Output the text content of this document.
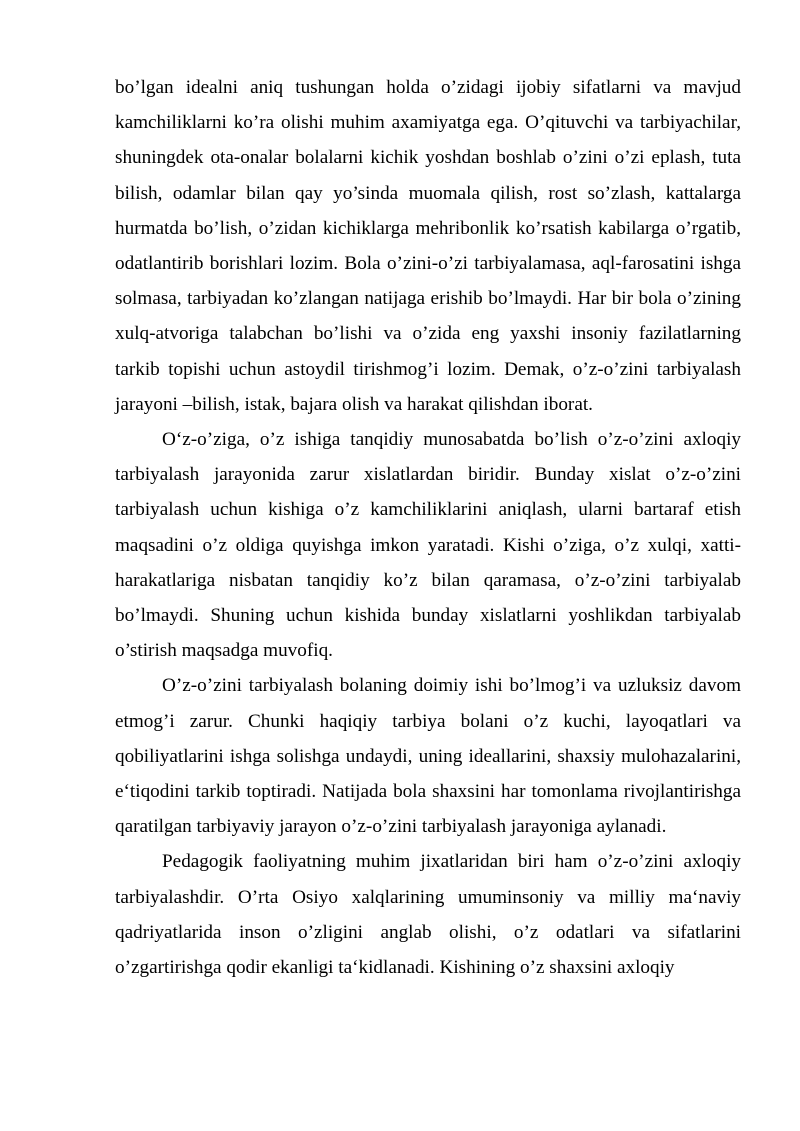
bo’lgan idealni aniq tushungan holda o’zidagi ijobiy sifatlarni va mavjud kamchiliklarni ko’ra olishi muhim axamiyatga ega. O’qituvchi va tarbiyachilar, shuningdek ota-onalar bolalarni kichik yoshdan boshlab o’zini o’zi eplash, tuta bilish, odamlar bilan qay yo’sinda muomala qilish, rost so’zlash, kattalarga hurmatda bo’lish, o’zidan kichiklarga mehribonlik ko’rsatish kabilarga o’rgatib, odatlantirib borishlari lozim. Bola o’zini-o’zi tarbiyalamasa, aql-farosatini ishga solmasa, tarbiyadan ko’zlangan natijaga erishib bo’lmaydi. Har bir bola o’zining xulq-atvoriga talabchan bo’lishi va o’zida eng yaxshi insoniy fazilatlarning tarkib topishi uchun astoydil tirishmog’i lozim. Demak, o’z-o’zini tarbiyalash jarayoni –bilish, istak, bajara olish va harakat qilishdan iborat.

O‘z-o’ziga, o’z ishiga tanqidiy munosabatda bo’lish o’z-o’zini axloqiy tarbiyalash jarayonida zarur xislatlardan biridir. Bunday xislat o’z-o’zini tarbiyalash uchun kishiga o’z kamchiliklarini aniqlash, ularni bartaraf etish maqsadini o’z oldiga quyishga imkon yaratadi. Kishi o’ziga, o’z xulqi, xatti-harakatlariga nisbatan tanqidiy ko’z bilan qaramasa, o’z-o’zini tarbiyalab bo’lmaydi. Shuning uchun kishida bunday xislatlarni yoshlikdan tarbiyalab o’stirish maqsadga muvofiq.

O’z-o’zini tarbiyalash bolaning doimiy ishi bo’lmog’i va uzluksiz davom etmog’i zarur. Chunki haqiqiy tarbiya bolani o’z kuchi, layoqatlari va qobiliyatlarini ishga solishga undaydi, uning ideallarini, shaxsiy mulohazalarini, e‘tiqodini tarkib toptiradi. Natijada bola shaxsini har tomonlama rivojlantirishga qaratilgan tarbiyaviy jarayon o’z-o’zini tarbiyalash jarayoniga aylanadi.

Pedagogik faoliyatning muhim jixatlaridan biri ham o’z-o’zini axloqiy tarbiyalashdir. O’rta Osiyo xalqlarining umuminsoniy va milliy ma‘naviy qadriyatlarida inson o’zligini anglab olishi, o’z odatlari va sifatlarini o’zgartirishga qodir ekanligi ta‘kidlanadi. Kishining o’z shaxsini axloqiy
